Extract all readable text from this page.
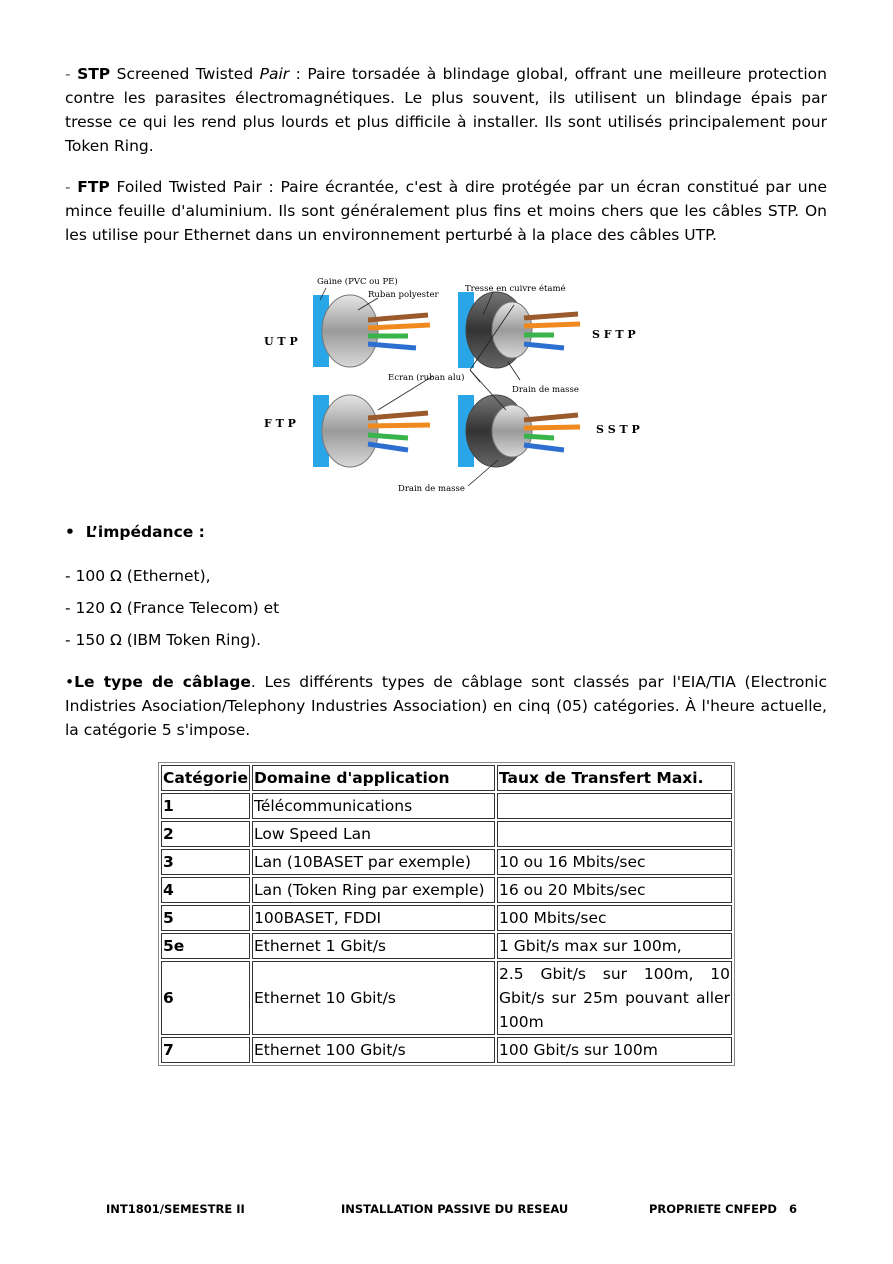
- STP Screened Twisted Pair : Paire torsadée à blindage global, offrant une meilleure protection contre les parasites électromagnétiques. Le plus souvent, ils utilisent un blindage épais par tresse ce qui les rend plus lourds et plus difficile à installer. Ils sont utilisés principalement pour Token Ring.

- FTP Foiled Twisted Pair : Paire écrantée, c'est à dire protégée par un écran constitué par une mince feuille d'aluminium. Ils sont généralement plus fins et moins chers que les câbles STP. On les utilise pour Ethernet dans un environnement perturbé à la place des câbles UTP.

Gaine (PVC ou PE)
Ruban polyester
Tresse en cuivre étamé
Ecran (ruban alu)
Drain de masse
Drain de masse
U T P
F T P
S F T P
S S T P
• L’impédance :

- 100 Ω (Ethernet),

- 120 Ω (France Telecom) et

- 150 Ω (IBM Token Ring).

•Le type de câblage. Les différents types de câblage sont classés par l'EIA/TIA (Electronic Indistries Asociation/Telephony Industries Association) en cinq (05) catégories. À l'heure actuelle, la catégorie 5 s'impose.

Catégorie	Domaine d'application	Taux de Transfert Maxi.
1	Télécommunications	
2	Low Speed Lan	
3	Lan (10BASET par exemple)	10 ou 16 Mbits/sec
4	Lan (Token Ring par exemple)	16 ou 20 Mbits/sec
5	100BASET, FDDI	100 Mbits/sec
5e	Ethernet 1 Gbit/s	1 Gbit/s max sur 100m,
6	Ethernet 10 Gbit/s	2.5 Gbit/s sur 100m, 10 Gbit/s sur 25m pouvant aller 100m

7	Ethernet 100 Gbit/s	100 Gbit/s sur 100m
INT1801/SEMESTRE II	INSTALLATION PASSIVE DU RESEAU	PROPRIETE CNFEPD 6
